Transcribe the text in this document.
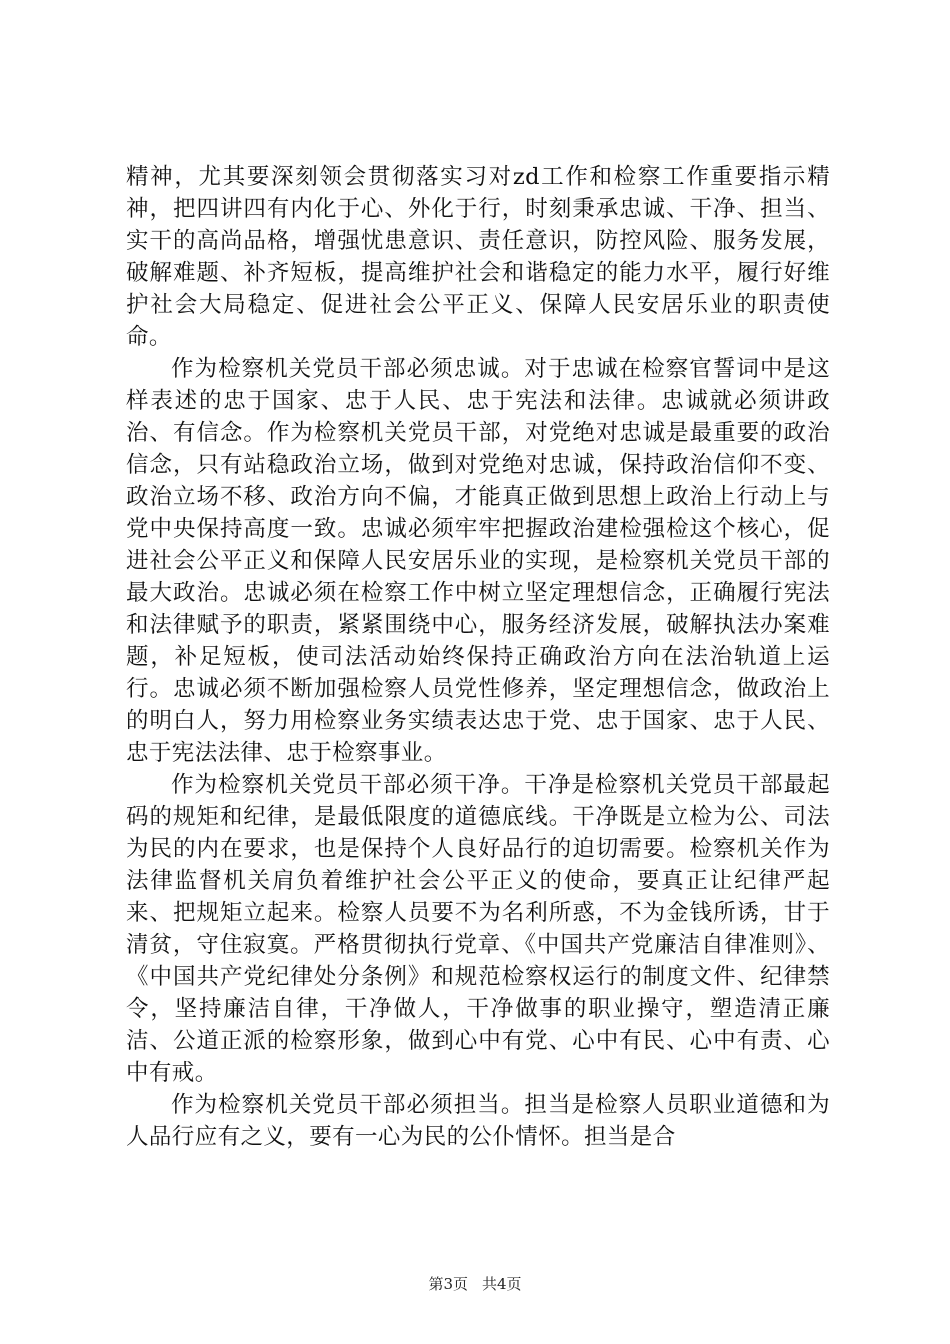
精神，尤其要深刻领会贯彻落实习对zd工作和检察工作重要指示精神，把四讲四有内化于心、外化于行，时刻秉承忠诚、干净、担当、实干的高尚品格，增强忧患意识、责任意识，防控风险、服务发展，破解难题、补齐短板，提高维护社会和谐稳定的能力水平，履行好维护社会大局稳定、促进社会公平正义、保障人民安居乐业的职责使命。

作为检察机关党员干部必须忠诚。对于忠诚在检察官誓词中是这样表述的忠于国家、忠于人民、忠于宪法和法律。忠诚就必须讲政治、有信念。作为检察机关党员干部，对党绝对忠诚是最重要的政治信念，只有站稳政治立场，做到对党绝对忠诚，保持政治信仰不变、政治立场不移、政治方向不偏，才能真正做到思想上政治上行动上与党中央保持高度一致。忠诚必须牢牢把握政治建检强检这个核心，促进社会公平正义和保障人民安居乐业的实现，是检察机关党员干部的最大政治。忠诚必须在检察工作中树立坚定理想信念，正确履行宪法和法律赋予的职责，紧紧围绕中心，服务经济发展，破解执法办案难题，补足短板，使司法活动始终保持正确政治方向在法治轨道上运行。忠诚必须不断加强检察人员党性修养，坚定理想信念，做政治上的明白人，努力用检察业务实绩表达忠于党、忠于国家、忠于人民、忠于宪法法律、忠于检察事业。

作为检察机关党员干部必须干净。干净是检察机关党员干部最起码的规矩和纪律，是最低限度的道德底线。干净既是立检为公、司法为民的内在要求，也是保持个人良好品行的迫切需要。检察机关作为法律监督机关肩负着维护社会公平正义的使命，要真正让纪律严起来、把规矩立起来。检察人员要不为名利所惑，不为金钱所诱，甘于清贫，守住寂寞。严格贯彻执行党章、《中国共产党廉洁自律准则》、《中国共产党纪律处分条例》和规范检察权运行的制度文件、纪律禁令，坚持廉洁自律，干净做人，干净做事的职业操守，塑造清正廉洁、公道正派的检察形象，做到心中有党、心中有民、心中有责、心中有戒。

作为检察机关党员干部必须担当。担当是检察人员职业道德和为人品行应有之义，要有一心为民的公仆情怀。担当是合

第3页 共4页
